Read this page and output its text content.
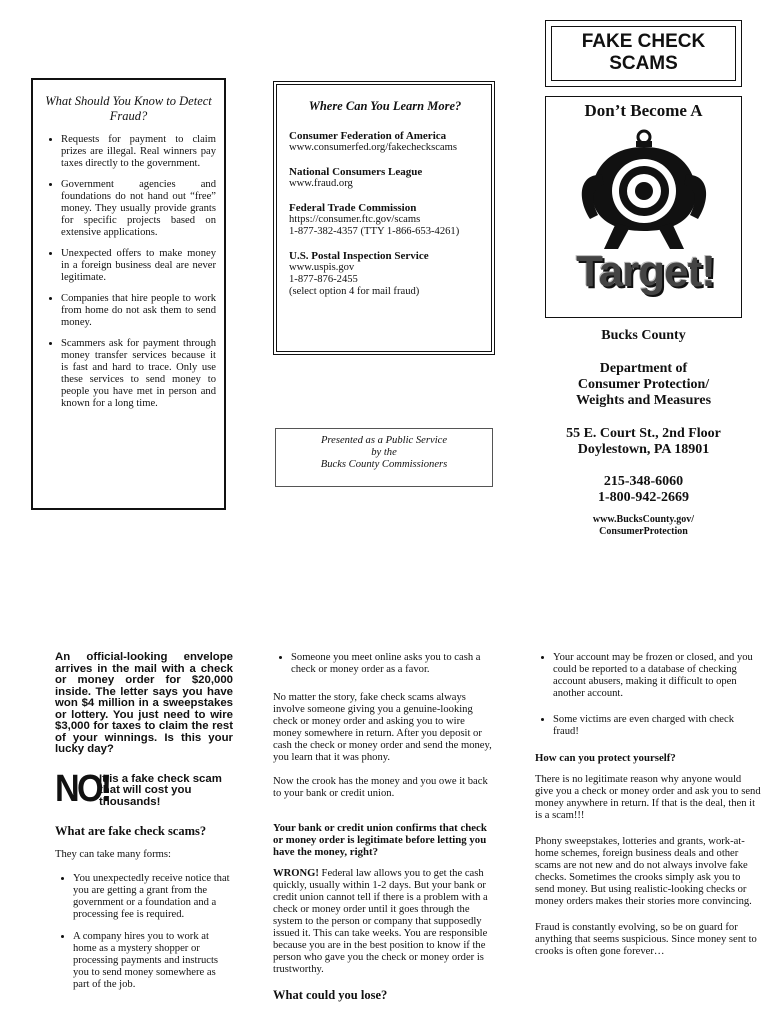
What Should You Know to Detect Fraud?
• Requests for payment to claim prizes are illegal. Real winners pay taxes directly to the government.
• Government agencies and foundations do not hand out “free” money. They usually provide grants for specific projects based on extensive applications.
• Unexpected offers to make money in a foreign business deal are never legitimate.
• Companies that hire people to work from home do not ask them to send money.
• Scammers ask for payment through money transfer services because it is fast and hard to trace. Only use these services to send money to people you have met in person and known for a long time.
Where Can You Learn More?
Consumer Federation of America
www.consumerfed.org/fakecheckscams
National Consumers League
www.fraud.org
Federal Trade Commission
https://consumer.ftc.gov/scams
1-877-382-4357 (TTY 1-866-653-4261)
U.S. Postal Inspection Service
www.uspis.gov
1-877-876-2455
(select option 4 for mail fraud)
Presented as a Public Service
by the
Bucks County Commissioners
FAKE CHECK
SCAMS
Don’t Become A
Target!
Bucks County
Department of
Consumer Protection/
Weights and Measures
55 E. Court St., 2nd Floor
Doylestown, PA 18901
215-348-6060
1-800-942-2669
www.BucksCounty.gov/
ConsumerProtection

An official-looking envelope arrives in the mail with a check or money order for $20,000 inside. The letter says you have won $4 million in a sweepstakes or lottery. You just need to wire $3,000 for taxes to claim the rest of your winnings. Is this your lucky day?

NO!
It is a fake check scam that will cost you thousands!
What are fake check scams?

They can take many forms:

• You unexpectedly receive notice that you are getting a grant from the government or a foundation and a processing fee is required.
• A company hires you to work at home as a mystery shopper or processing payments and instructs you to send money somewhere as part of the job.
• Someone you meet online asks you to cash a check or money order as a favor.

No matter the story, fake check scams always involve someone giving you a genuine-looking check or money order and asking you to wire money somewhere in return. After you deposit or cash the check or money order and send the money, you learn that it was phony.

Now the crook has the money and you owe it back to your bank or credit union.

Your bank or credit union confirms that check or money order is legitimate before letting you have the money, right?

WRONG! Federal law allows you to get the cash quickly, usually within 1-2 days. But your bank or credit union cannot tell if there is a problem with a check or money order until it goes through the system to the person or company that supposedly issued it. This can take weeks. You are responsible because you are in the best position to know if the person who gave you the check or money order is trustworthy.

What could you lose?
• Your account may be frozen or closed, and you could be reported to a database of checking account abusers, making it difficult to open another account.
• Some victims are even charged with check fraud!

How can you protect yourself?

There is no legitimate reason why anyone would give you a check or money order and ask you to send money anywhere in return. If that is the deal, then it is a scam!!!

Phony sweepstakes, lotteries and grants, work-at-home schemes, foreign business deals and other scams are not new and do not always involve fake checks. Sometimes the crooks simply ask you to send money. But using realistic-looking checks or money orders makes their stories more convincing.

Fraud is constantly evolving, so be on guard for anything that seems suspicious. Since money sent to crooks is often gone forever…
